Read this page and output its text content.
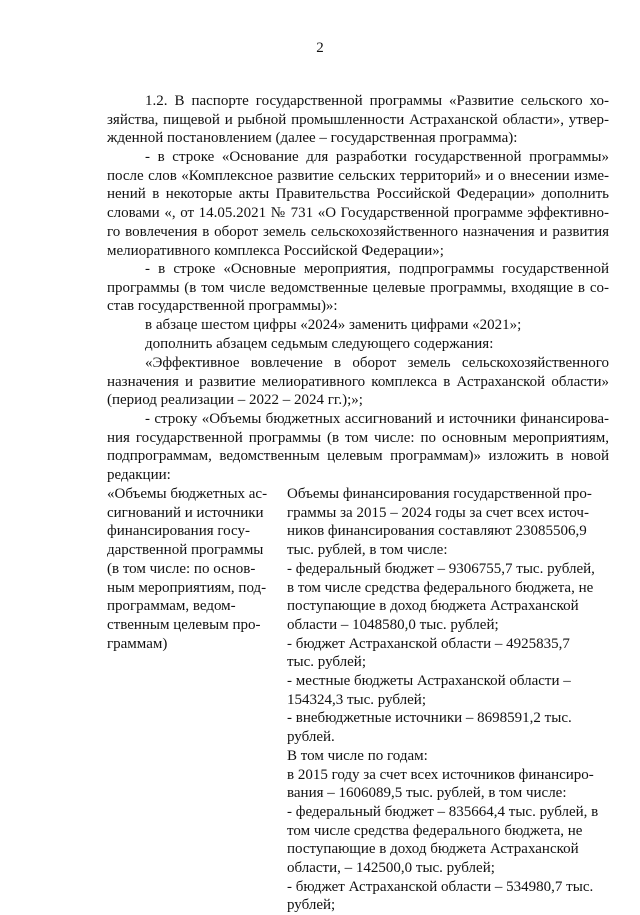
2
1.2. В паспорте государственной программы «Развитие сельского хо-
зяйства, пищевой и рыбной промышленности Астраханской области», утвер-
жденной постановлением (далее – государственная программа):
- в строке «Основание для разработки государственной программы»
после слов «Комплексное развитие сельских территорий» и о внесении изме-
нений в некоторые акты Правительства Российской Федерации» дополнить
словами «, от 14.05.2021 № 731 «О Государственной программе эффективно-
го вовлечения в оборот земель сельскохозяйственного назначения и развития
мелиоративного комплекса Российской Федерации»;
- в строке «Основные мероприятия, подпрограммы государственной
программы (в том числе ведомственные целевые программы, входящие в со-
став государственной программы)»:
в абзаце шестом цифры «2024» заменить цифрами «2021»;
дополнить абзацем седьмым следующего содержания:
«Эффективное вовлечение в оборот земель сельскохозяйственного
назначения и развитие мелиоративного комплекса в Астраханской области»
(период реализации – 2022 – 2024 гг.);»;
- строку «Объемы бюджетных ассигнований и источники финансирова-
ния государственной программы (в том числе: по основным мероприятиям,
подпрограммам, ведомственным целевым программам)» изложить в новой
редакции:
«Объемы бюджетных ас-
сигнований и источники
финансирования госу-
дарственной программы
(в том числе: по основ-
ным мероприятиям, под-
программам, ведом-
ственным целевым про-
граммам)
Объемы финансирования государственной про-
граммы за 2015 – 2024 годы за счет всех источ-
ников финансирования составляют 23085506,9
тыс. рублей, в том числе:
- федеральный бюджет – 9306755,7 тыс. рублей,
в том числе средства федерального бюджета, не
поступающие в доход бюджета Астраханской
области – 1048580,0 тыс. рублей;
- бюджет Астраханской области – 4925835,7
тыс. рублей;
- местные бюджеты Астраханской области –
154324,3 тыс. рублей;
- внебюджетные источники – 8698591,2 тыс.
рублей.
В том числе по годам:
в 2015 году за счет всех источников финансиро-
вания – 1606089,5 тыс. рублей, в том числе:
- федеральный бюджет – 835664,4 тыс. рублей, в
том числе средства федерального бюджета, не
поступающие в доход бюджета Астраханской
области, – 142500,0 тыс. рублей;
- бюджет Астраханской области – 534980,7 тыс.
рублей;
